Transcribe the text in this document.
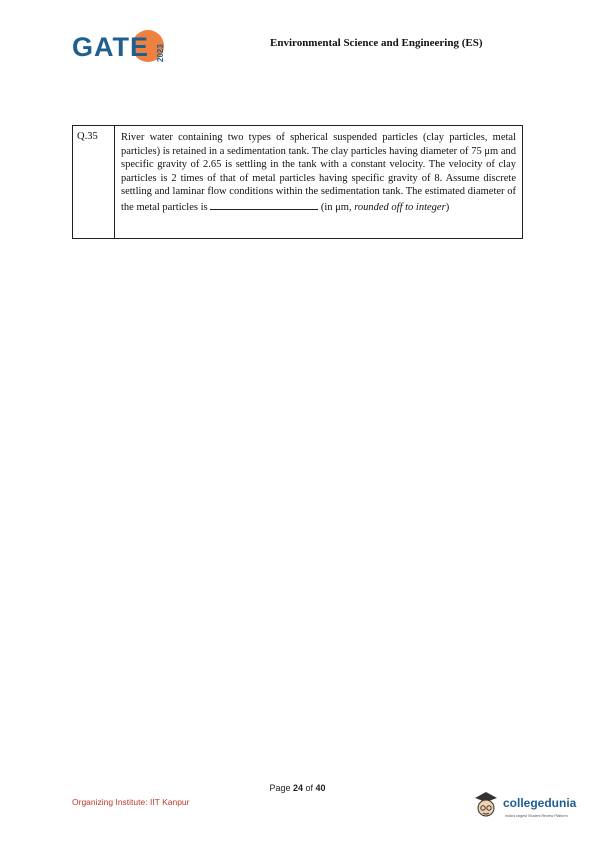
GATE 2023
Environmental Science and Engineering (ES)
Q.35	River water containing two types of spherical suspended particles (clay particles, metal particles) is retained in a sedimentation tank. The clay particles having diameter of 75 μm and specific gravity of 2.65 is settling in the tank with a constant velocity. The velocity of clay particles is 2 times of that of metal particles having specific gravity of 8. Assume discrete settling and laminar flow conditions within the sedimentation tank. The estimated diameter of the metal particles is	(in μm, rounded off to integer)
Page 24 of 40
Organizing Institute: IIT Kanpur	collegedunia
India's largest Student Review Platform
